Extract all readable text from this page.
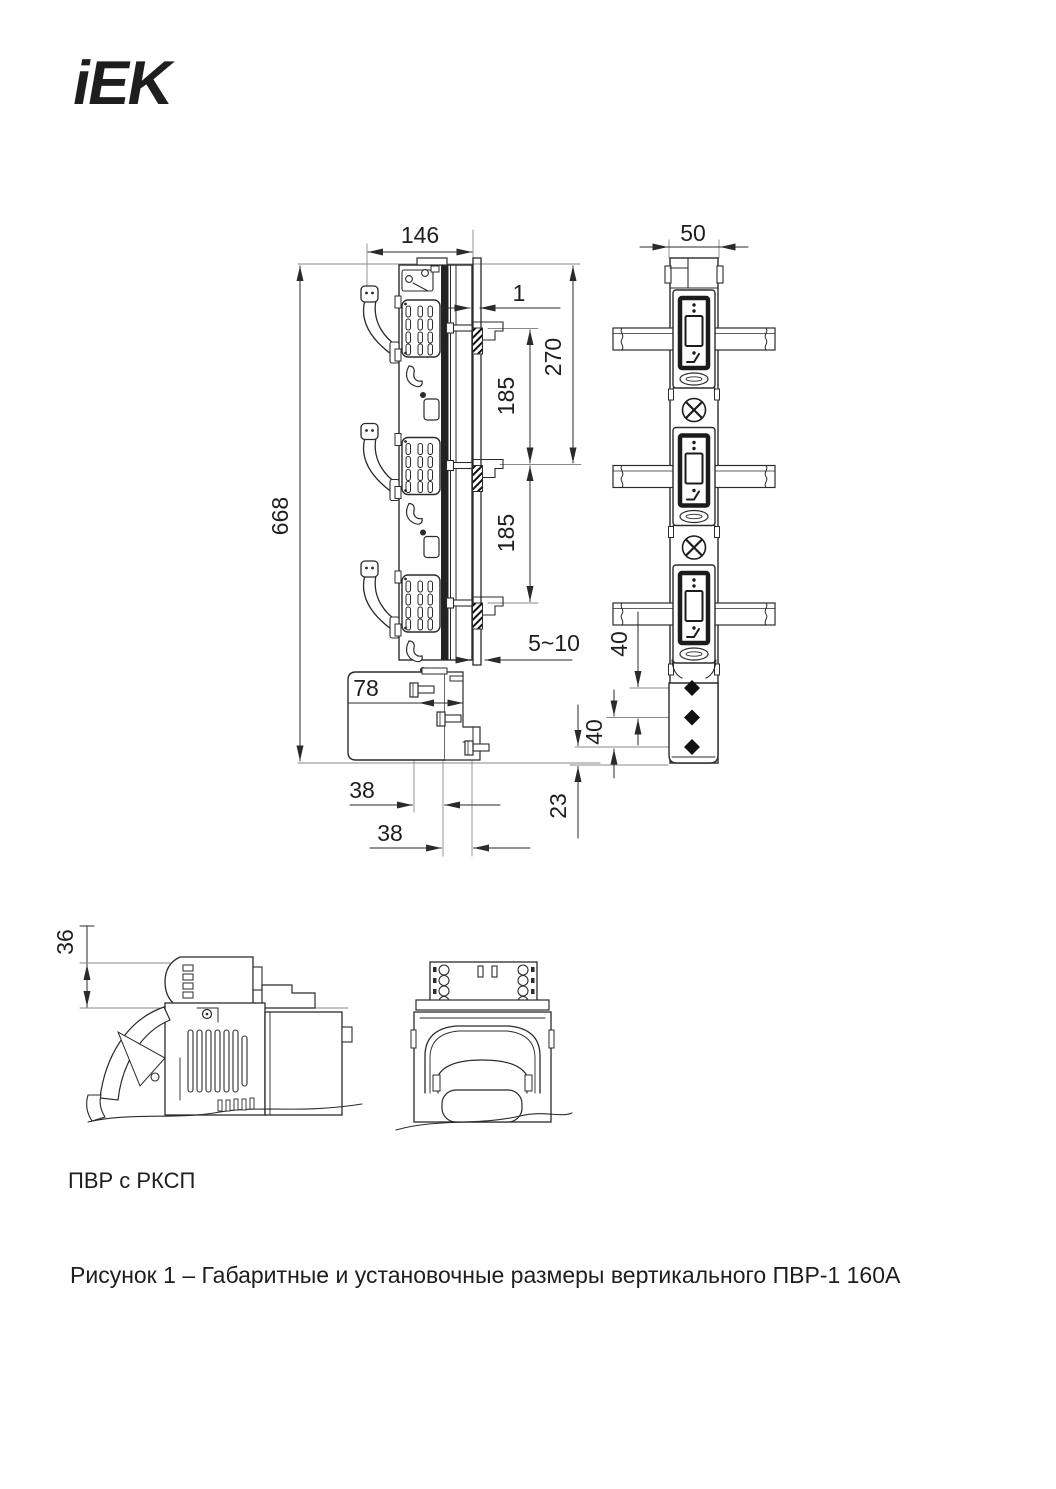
iEK
146
668
270
185
185
1
5~10
78
38
38
50
40
40
23
36
ПВР с РКСП
Рисунок 1 – Габаритные и установочные размеры вертикального ПВР-1 160А
